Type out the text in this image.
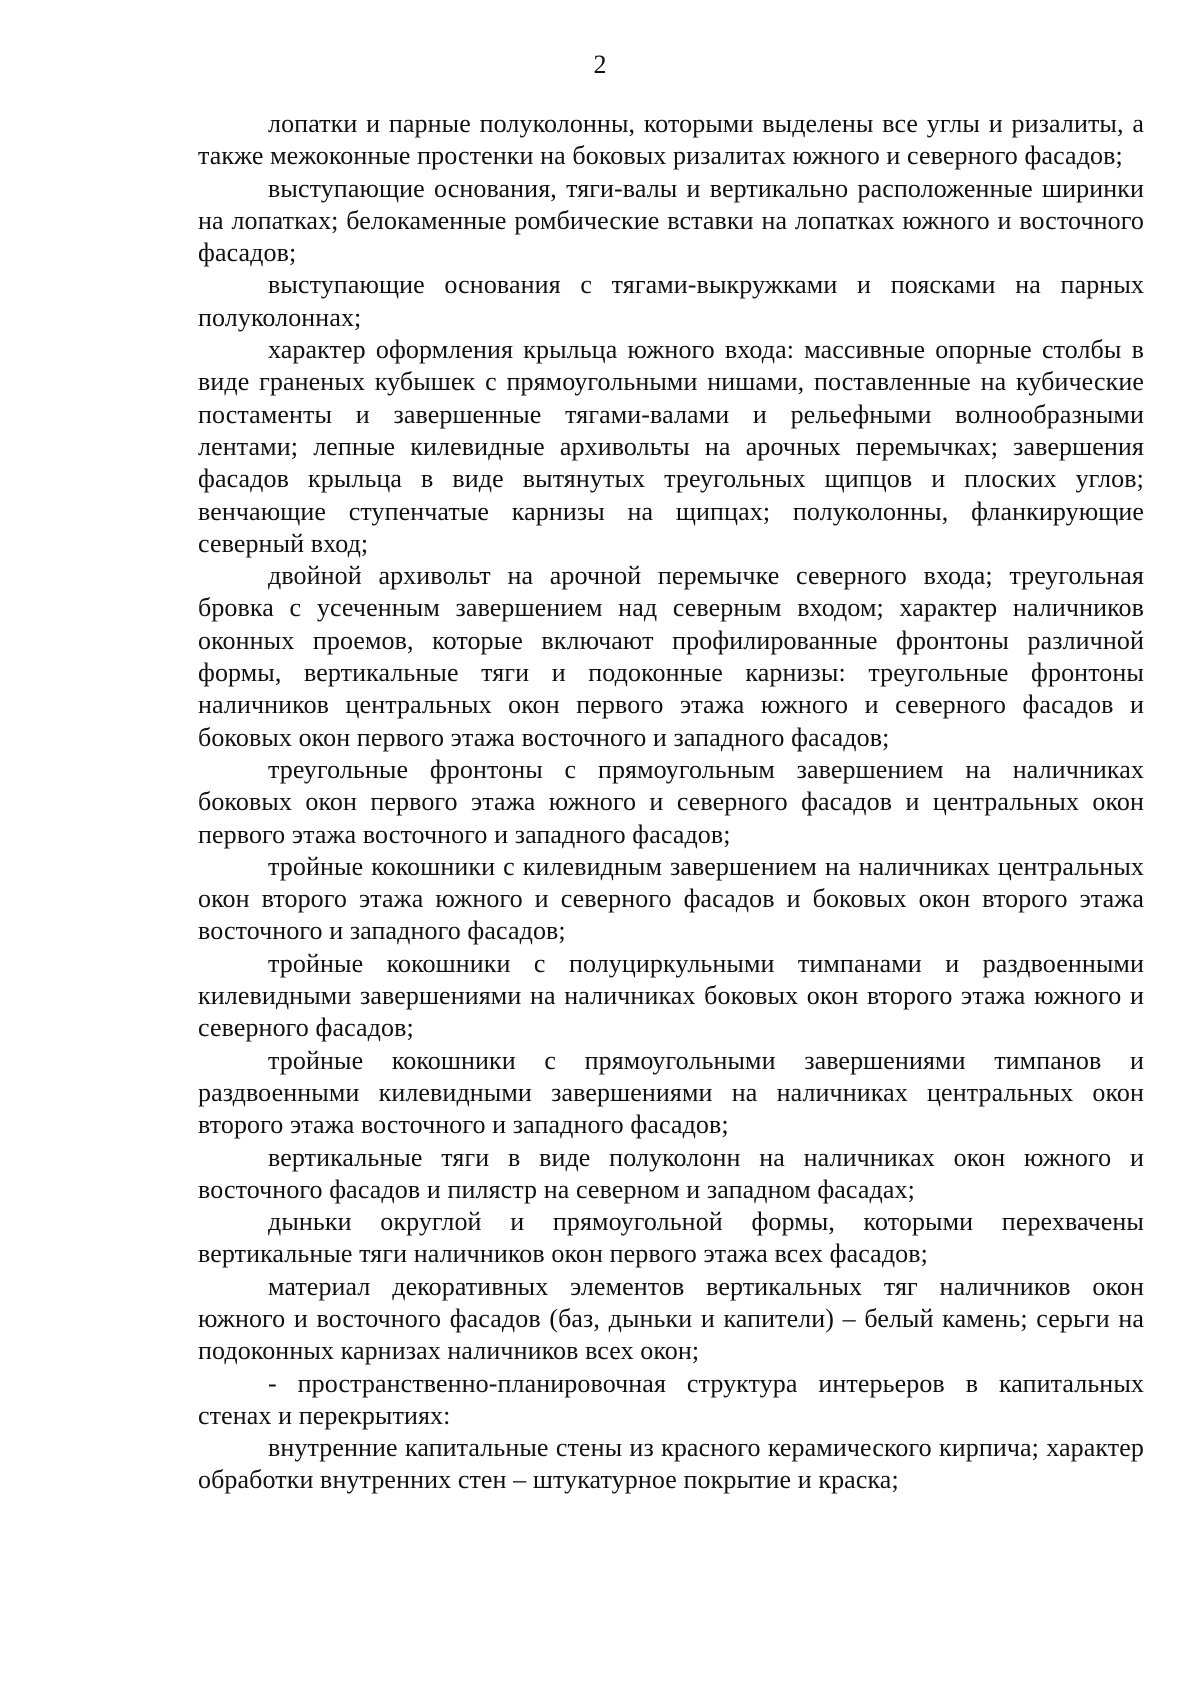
2

лопатки и парные полуколонны, которыми выделены все углы и ризалиты, а также межоконные простенки на боковых ризалитах южного и северного фасадов;

выступающие основания, тяги-валы и вертикально расположенные ширинки на лопатках; белокаменные ромбические вставки на лопатках южного и восточного фасадов;

выступающие основания с тягами-выкружками и поясками на парных полуколоннах;

характер оформления крыльца южного входа: массивные опорные столбы в виде граненых кубышек с прямоугольными нишами, поставленные на кубические постаменты и завершенные тягами-валами и рельефными волнообразными лентами; лепные килевидные архивольты на арочных перемычках; завершения фасадов крыльца в виде вытянутых треугольных щипцов и плоских углов; венчающие ступенчатые карнизы на щипцах; полуколонны, фланкирующие северный вход;

двойной архивольт на арочной перемычке северного входа; треугольная бровка с усеченным завершением над северным входом; характер наличников оконных проемов, которые включают профилированные фронтоны различной формы, вертикальные тяги и подоконные карнизы: треугольные фронтоны наличников центральных окон первого этажа южного и северного фасадов и боковых окон первого этажа восточного и западного фасадов;

треугольные фронтоны с прямоугольным завершением на наличниках боковых окон первого этажа южного и северного фасадов и центральных окон первого этажа восточного и западного фасадов;

тройные кокошники с килевидным завершением на наличниках центральных окон второго этажа южного и северного фасадов и боковых окон второго этажа восточного и западного фасадов;

тройные кокошники с полуциркульными тимпанами и раздвоенными килевидными завершениями на наличниках боковых окон второго этажа южного и северного фасадов;

тройные кокошники с прямоугольными завершениями тимпанов и раздвоенными килевидными завершениями на наличниках центральных окон второго этажа восточного и западного фасадов;

вертикальные тяги в виде полуколонн на наличниках окон южного и восточного фасадов и пилястр на северном и западном фасадах;

дыньки округлой и прямоугольной формы, которыми перехвачены вертикальные тяги наличников окон первого этажа всех фасадов;

материал декоративных элементов вертикальных тяг наличников окон южного и восточного фасадов (баз, дыньки и капители) – белый камень; серьги на подоконных карнизах наличников всех окон;

- пространственно-планировочная структура интерьеров в капитальных стенах и перекрытиях:

внутренние капитальные стены из красного керамического кирпича; характер обработки внутренних стен – штукатурное покрытие и краска;
